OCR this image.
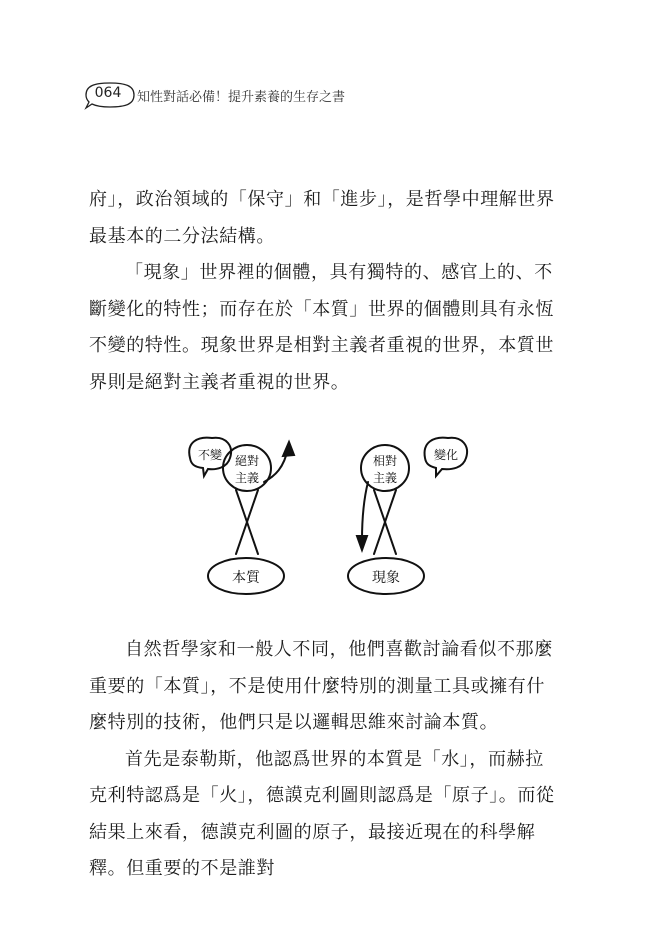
064	知性對話必備！提升素養的生存之書

府」，政治領域的「保守」和「進步」，是哲學中理解世界最基本的二分法結構。

「現象」世界裡的個體，具有獨特的、感官上的、不斷變化的特性；而存在於「本質」世界的個體則具有永恆不變的特性。現象世界是相對主義者重視的世界，本質世界則是絕對主義者重視的世界。

不變 絕對
主義
本質
變化
相對
主義
現象

自然哲學家和一般人不同，他們喜歡討論看似不那麼重要的「本質」，不是使用什麼特別的測量工具或擁有什麼特別的技術，他們只是以邏輯思維來討論本質。

首先是泰勒斯，他認爲世界的本質是「水」，而赫拉克利特認爲是「火」，德謨克利圖則認爲是「原子」。而從結果上來看，德謨克利圖的原子，最接近現在的科學解釋。但重要的不是誰對
